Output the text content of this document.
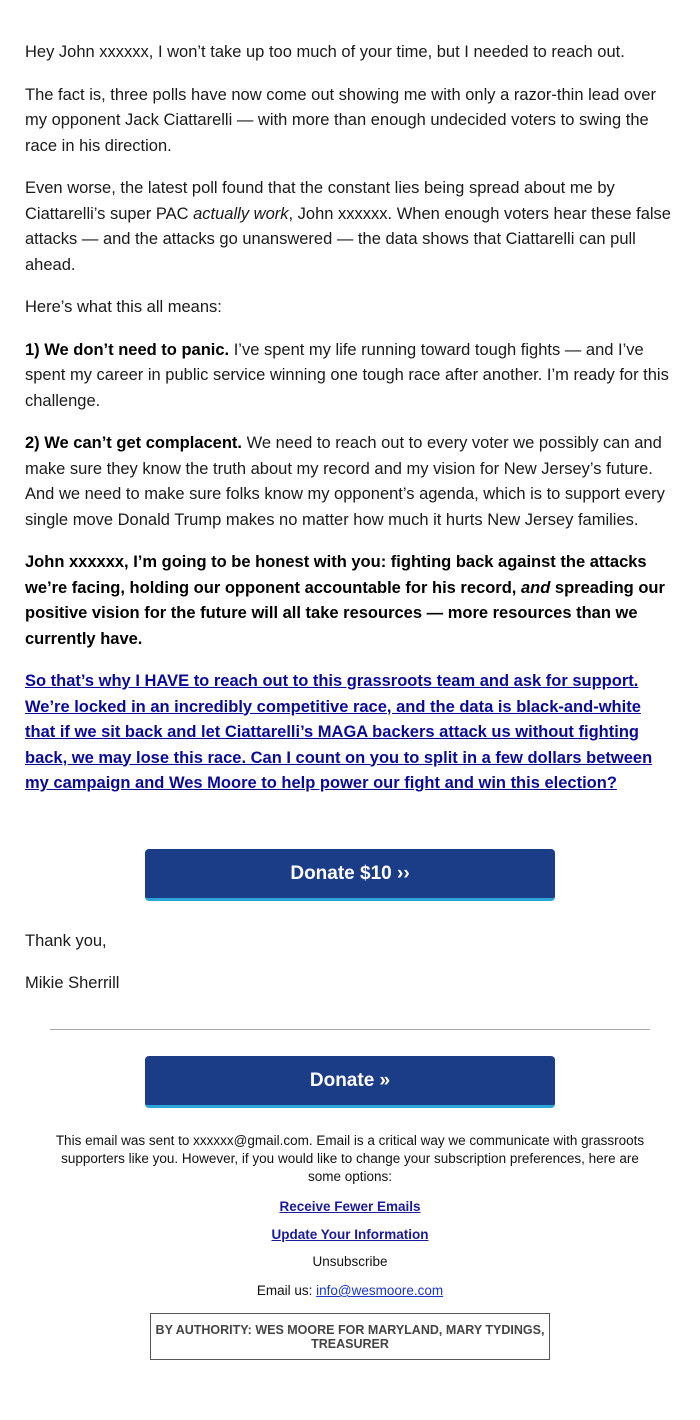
Hey John xxxxxx, I won’t take up too much of your time, but I needed to reach out.

The fact is, three polls have now come out showing me with only a razor-thin lead over my opponent Jack Ciattarelli — with more than enough undecided voters to swing the race in his direction.

Even worse, the latest poll found that the constant lies being spread about me by Ciattarelli’s super PAC actually work, John xxxxxx. When enough voters hear these false attacks — and the attacks go unanswered — the data shows that Ciattarelli can pull ahead.

Here’s what this all means:

1) We don’t need to panic. I’ve spent my life running toward tough fights — and I’ve spent my career in public service winning one tough race after another. I’m ready for this challenge.

2) We can’t get complacent. We need to reach out to every voter we possibly can and make sure they know the truth about my record and my vision for New Jersey’s future. And we need to make sure folks know my opponent’s agenda, which is to support every single move Donald Trump makes no matter how much it hurts New Jersey families.

John xxxxxx, I’m going to be honest with you: fighting back against the attacks we’re facing, holding our opponent accountable for his record, and spreading our positive vision for the future will all take resources — more resources than we currently have.

So that’s why I HAVE to reach out to this grassroots team and ask for support. We’re locked in an incredibly competitive race, and the data is black-and-white that if we sit back and let Ciattarelli’s MAGA backers attack us without fighting back, we may lose this race. Can I count on you to split in a few dollars between my campaign and Wes Moore to help power our fight and win this election?

Donate $10 ››
Thank you,
Mikie Sherrill
Donate »
This email was sent to xxxxxx@gmail.com. Email is a critical way we communicate with grassroots supporters like you. However, if you would like to change your subscription preferences, here are some options:
Receive Fewer Emails
Update Your Information
Unsubscribe
Email us: info@wesmoore.com
BY AUTHORITY: WES MOORE FOR MARYLAND, MARY TYDINGS, TREASURER
